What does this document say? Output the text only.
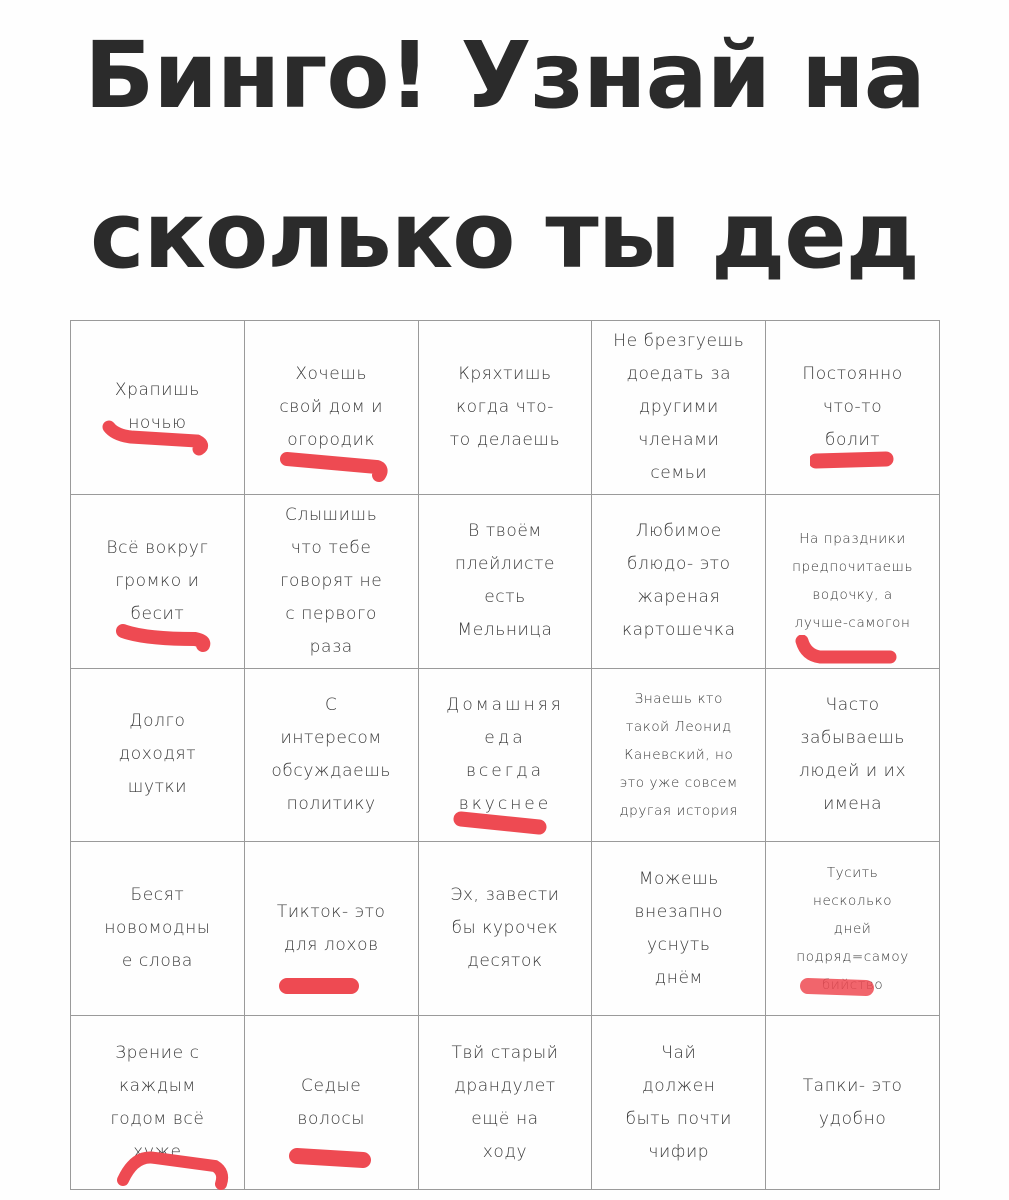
Бинго! Узнай на
сколько ты дед
Храпишь
ночью
Хочешь
свой дом и
огородик
Кряхтишь
когда что-
то делаешь
Не брезгуешь
доедать за
другими
членами
семьи
Постоянно
что-то
болит
Всё вокруг
громко и
бесит
Слышишь
что тебе
говорят не
с первого
раза
В твоём
плейлисте
есть
Мельница
Любимое
блюдо- это
жареная
картошечка
На праздники
предпочитаешь
водочку, а
лучше-самогон
Долго
доходят
шутки
С
интересом
обсуждаешь
политику
Домашняя
еда
всегда
вкуснее
Знаешь кто
такой Леонид
Каневский, но
это уже совсем
другая история
Часто
забываешь
людей и их
имена
Бесят
новомодны
е слова
Тикток- это
для лохов
Эх, завести
бы курочек
десяток
Можешь
внезапно
уснуть
днём
Тусить
несколько
дней
подряд=самоу
бийство
Зрение с
каждым
годом всё
хуже
Седые
волосы
Твй старый
драндулет
ещё на
ходу
Чай
должен
быть почти
чифир
Тапки- это
удобно
